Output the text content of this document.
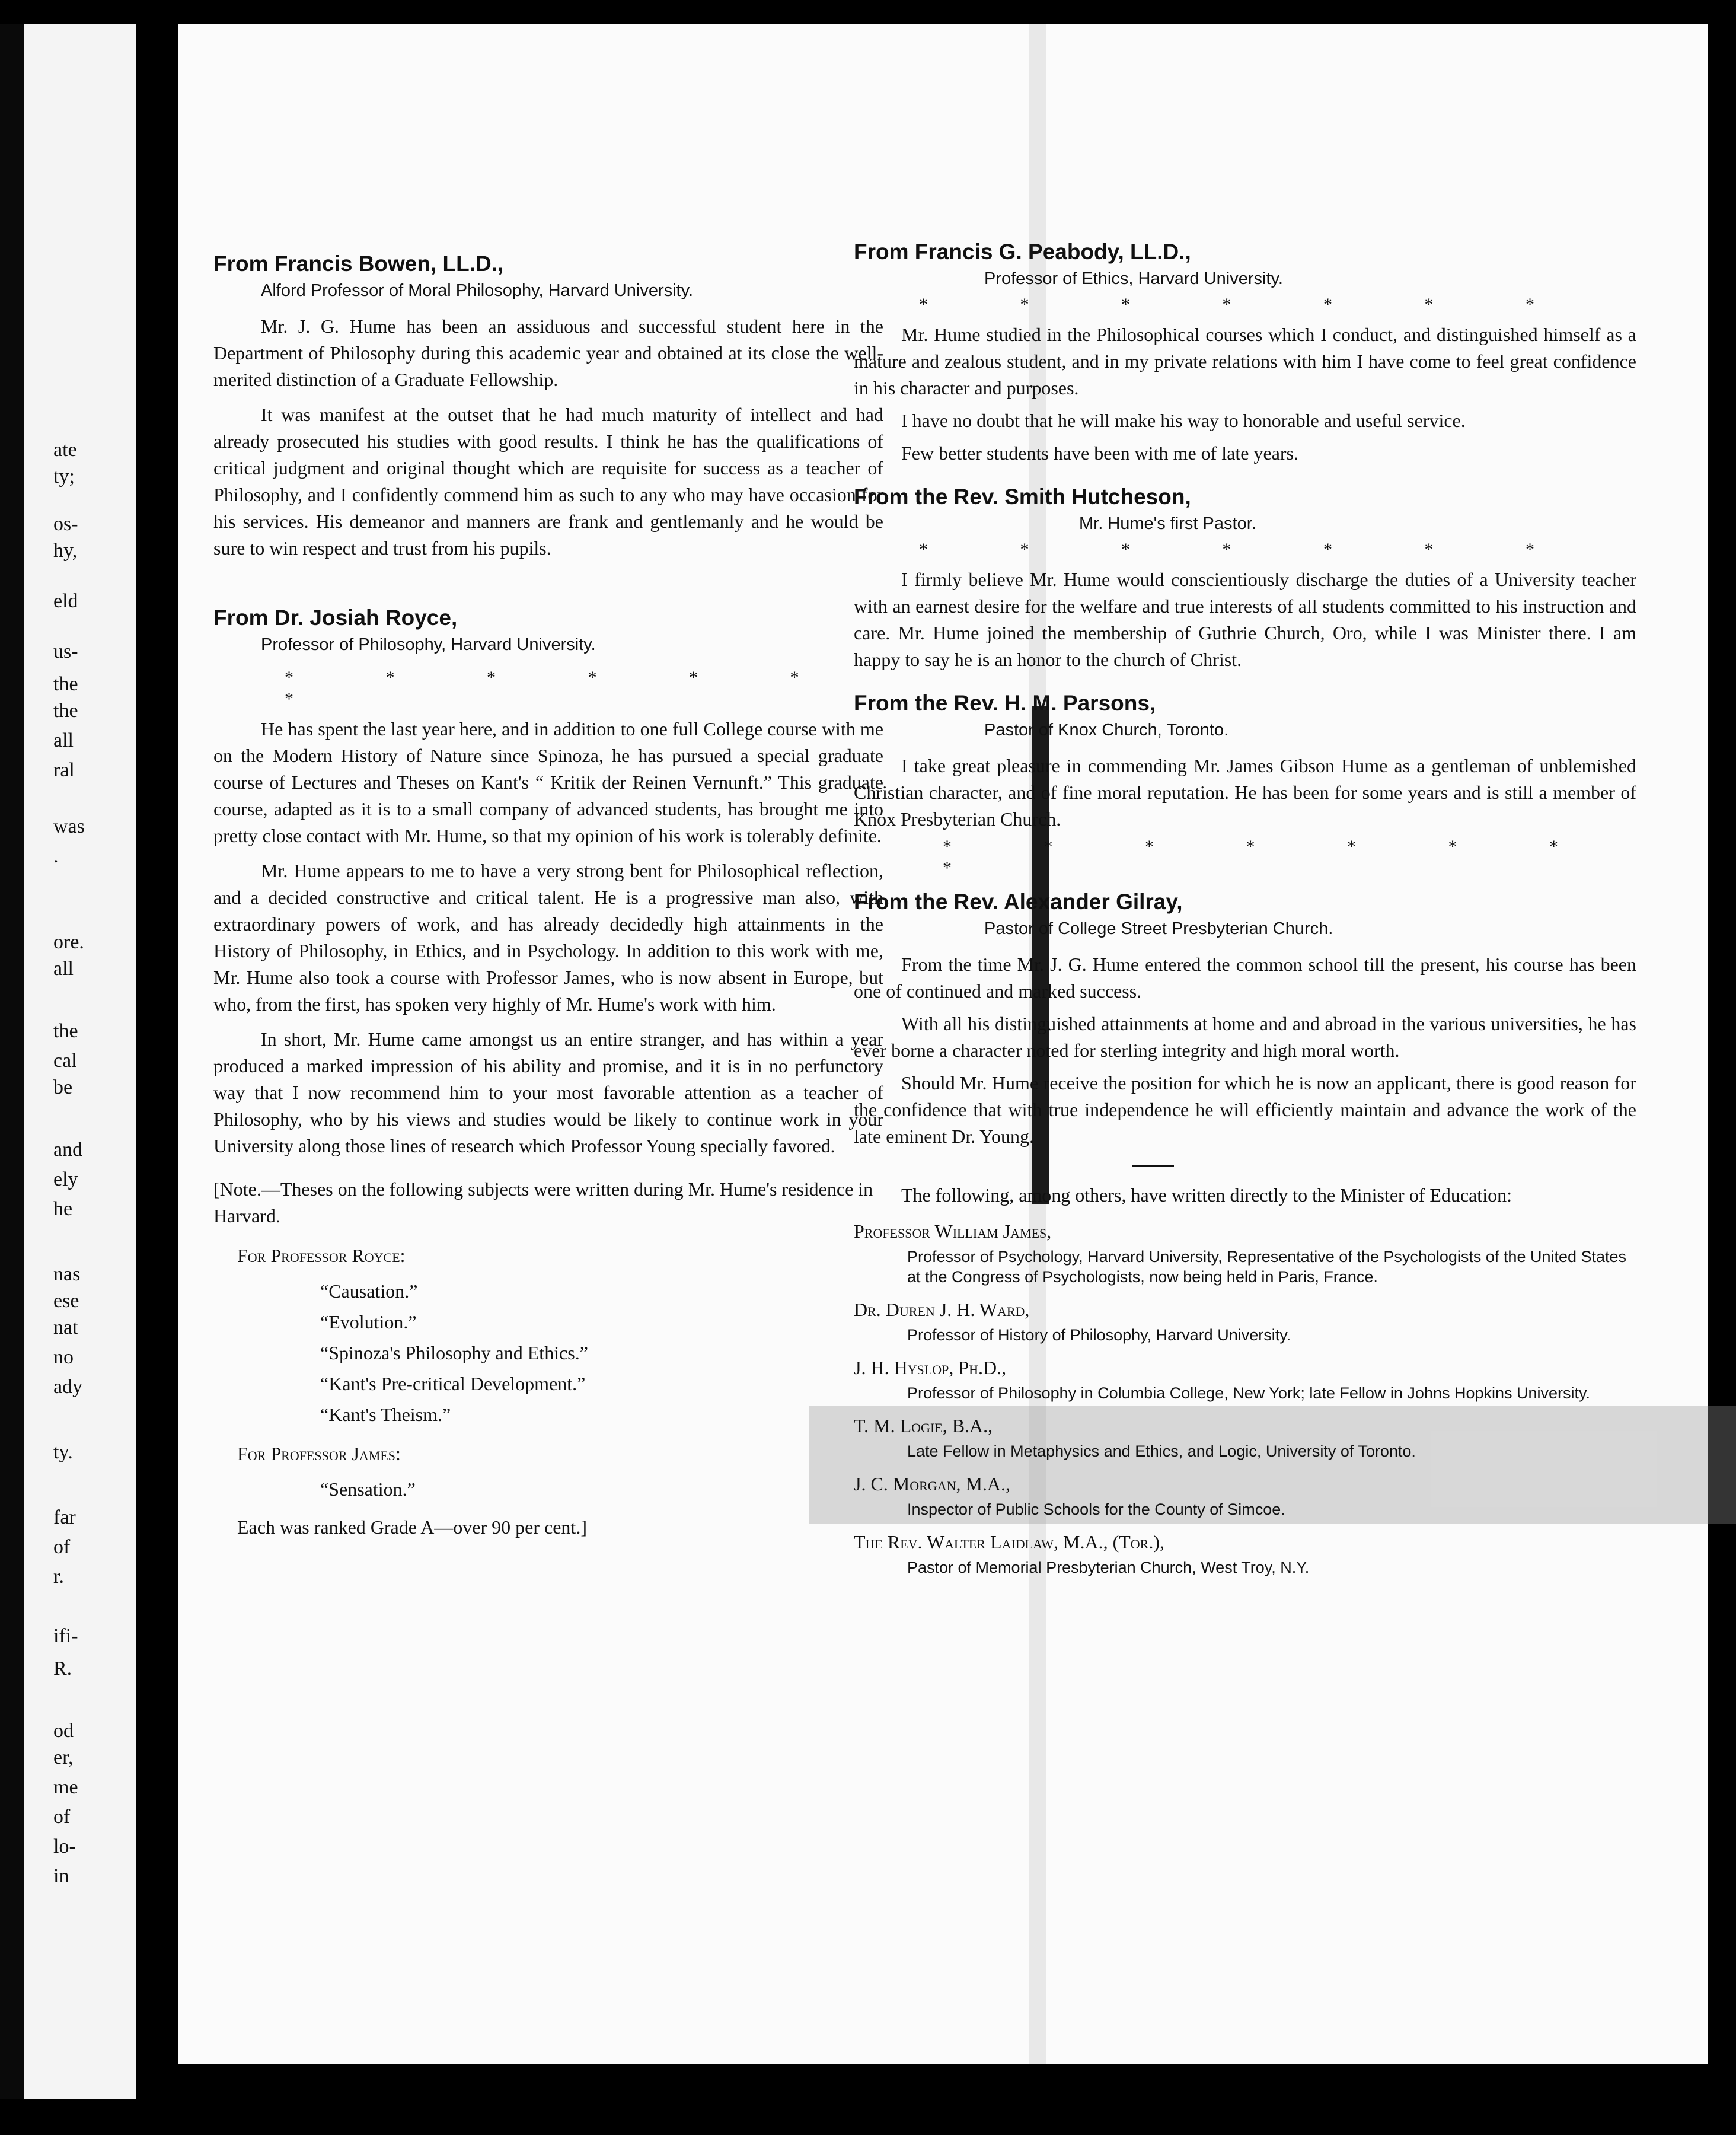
ate
ty;
os-
hy,
eld
us-
the
the
all
ral
was
.
ore.
all
the
cal
be
and
ely
he
nas
ese
nat
no
ady
ty.
far
of
r.
ifi-
R.
od
er,
me
of
lo-
in
From Francis Bowen, LL.D.,
Alford Professor of Moral Philosophy, Harvard University.

Mr. J. G. Hume has been an assiduous and successful student here in the Department of Philosophy during this academic year and obtained at its close the well-merited distinction of a Graduate Fellowship.

It was manifest at the outset that he had much maturity of intellect and had already prosecuted his studies with good results. I think he has the qualifications of critical judgment and original thought which are requisite for success as a teacher of Philosophy, and I confidently commend him as such to any who may have occasion for his services. His demeanor and manners are frank and gentlemanly and he would be sure to win respect and trust from his pupils.

From Dr. Josiah Royce,
Professor of Philosophy, Harvard University.
* * * * * * *

He has spent the last year here, and in addition to one full College course with me on the Modern History of Nature since Spinoza, he has pursued a special graduate course of Lectures and Theses on Kant's “ Kritik der Reinen Vernunft.” This graduate course, adapted as it is to a small company of advanced students, has brought me into pretty close contact with Mr. Hume, so that my opinion of his work is tolerably definite.

Mr. Hume appears to me to have a very strong bent for Philosophical reflection, and a decided constructive and critical talent. He is a progressive man also, with extraordinary powers of work, and has already decidedly high attainments in the History of Philosophy, in Ethics, and in Psychology. In addition to this work with me, Mr. Hume also took a course with Professor James, who is now absent in Europe, but who, from the first, has spoken very highly of Mr. Hume's work with him.

In short, Mr. Hume came amongst us an entire stranger, and has within a year produced a marked impression of his ability and promise, and it is in no perfunctory way that I now recommend him to your most favorable attention as a teacher of Philosophy, who by his views and studies would be likely to continue work in your University along those lines of research which Professor Young specially favored.

[Note.—Theses on the following subjects were written during Mr. Hume's residence in Harvard.
For Professor Royce:
“Causation.”
“Evolution.”
“Spinoza's Philosophy and Ethics.”
“Kant's Pre-critical Development.”
“Kant's Theism.”
For Professor James:
“Sensation.”
Each was ranked Grade A—over 90 per cent.]
From Francis G. Peabody, LL.D.,
Professor of Ethics, Harvard University.
* * * * * * *

Mr. Hume studied in the Philosophical courses which I conduct, and distinguished himself as a mature and zealous student, and in my private relations with him I have come to feel great confidence in his character and purposes.

I have no doubt that he will make his way to honorable and useful service.

Few better students have been with me of late years.

From the Rev. Smith Hutcheson,
Mr. Hume's first Pastor.
* * * * * * *

I firmly believe Mr. Hume would conscientiously discharge the duties of a University teacher with an earnest desire for the welfare and true interests of all students committed to his instruction and care. Mr. Hume joined the membership of Guthrie Church, Oro, while I was Minister there. I am happy to say he is an honor to the church of Christ.

From the Rev. H. M. Parsons,
Pastor of Knox Church, Toronto.

I take great pleasure in commending Mr. James Gibson Hume as a gentleman of unblemished Christian character, and of fine moral reputation. He has been for some years and is still a member of Knox Presbyterian Church.

* * * * * * * *
From the Rev. Alexander Gilray,
Pastor of College Street Presbyterian Church.

From the time Mr. J. G. Hume entered the common school till the present, his course has been one of continued and marked success.

With all his distinguished attainments at home and and abroad in the various universities, he has ever borne a character noted for sterling integrity and high moral worth.

Should Mr. Hume receive the position for which he is now an applicant, there is good reason for the confidence that with true independence he will efficiently maintain and advance the work of the late eminent Dr. Young.

The following, among others, have written directly to the Minister of Education:
Professor William James,
Professor of Psychology, Harvard University, Representative of the Psychologists of the United States at the Congress of Psychologists, now being held in Paris, France.
Dr. Duren J. H. Ward,
Professor of History of Philosophy, Harvard University.
J. H. Hyslop, Ph.D.,
Professor of Philosophy in Columbia College, New York; late Fellow in Johns Hopkins University.
T. M. Logie, B.A.,
Late Fellow in Metaphysics and Ethics, and Logic, University of Toronto.
J. C. Morgan, M.A.,
Inspector of Public Schools for the County of Simcoe.
The Rev. Walter Laidlaw, M.A., (Tor.),
Pastor of Memorial Presbyterian Church, West Troy, N.Y.
